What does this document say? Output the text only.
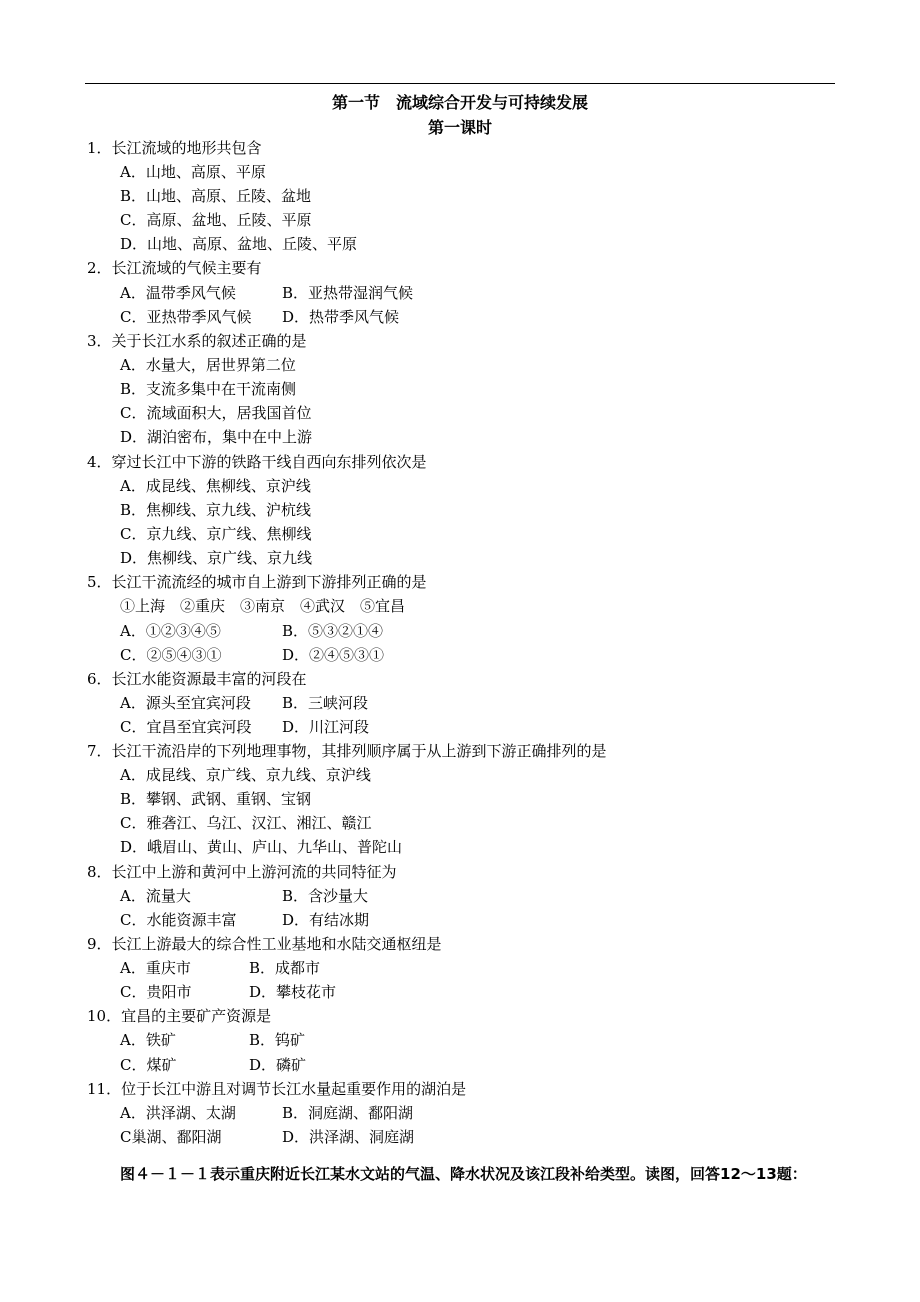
第一节　流域综合开发与可持续发展
第一课时
1．长江流域的地形共包含
A．山地、高原、平原
B．山地、高原、丘陵、盆地
C．高原、盆地、丘陵、平原
D．山地、高原、盆地、丘陵、平原
2．长江流域的气候主要有
A．温带季风气候	B．亚热带湿润气候
C．亚热带季风气候 D．热带季风气候
3．关于长江水系的叙述正确的是
A．水量大，居世界第二位
B．支流多集中在干流南侧
C．流域面积大，居我国首位
D．湖泊密布，集中在中上游
4．穿过长江中下游的铁路干线自西向东排列依次是
A．成昆线、焦柳线、京沪线
B．焦柳线、京九线、沪杭线
C．京九线、京广线、焦柳线
D．焦柳线、京广线、京九线
5．长江干流流经的城市自上游到下游排列正确的是
①上海　②重庆　③南京　④武汉　⑤宜昌
A．①②③④⑤	B．⑤③②①④
C．②⑤④③①	D．②④⑤③①
6．长江水能资源最丰富的河段在
A．源头至宜宾河段 B．三峡河段
C．宜昌至宜宾河段 D．川江河段
7．长江干流沿岸的下列地理事物，其排列顺序属于从上游到下游正确排列的是
A．成昆线、京广线、京九线、京沪线
B．攀钢、武钢、重钢、宝钢
C．雅砻江、乌江、汉江、湘江、赣江
D．峨眉山、黄山、庐山、九华山、普陀山
8．长江中上游和黄河中上游河流的共同特征为
A．流量大	B．含沙量大
C．水能资源丰富	D．有结冰期
9．长江上游最大的综合性工业基地和水陆交通枢纽是
A．重庆市	B．成都市
C．贵阳市	D．攀枝花市
10．宜昌的主要矿产资源是
A．铁矿	B．钨矿
C．煤矿	D．磷矿
11．位于长江中游且对调节长江水量起重要作用的湖泊是
A．洪泽湖、太湖	B．洞庭湖、鄱阳湖
C巢湖、鄱阳湖	D．洪泽湖、洞庭湖
图４－１－１表示重庆附近长江某水文站的气温、降水状况及该江段补给类型。读图，回答12～13题：
